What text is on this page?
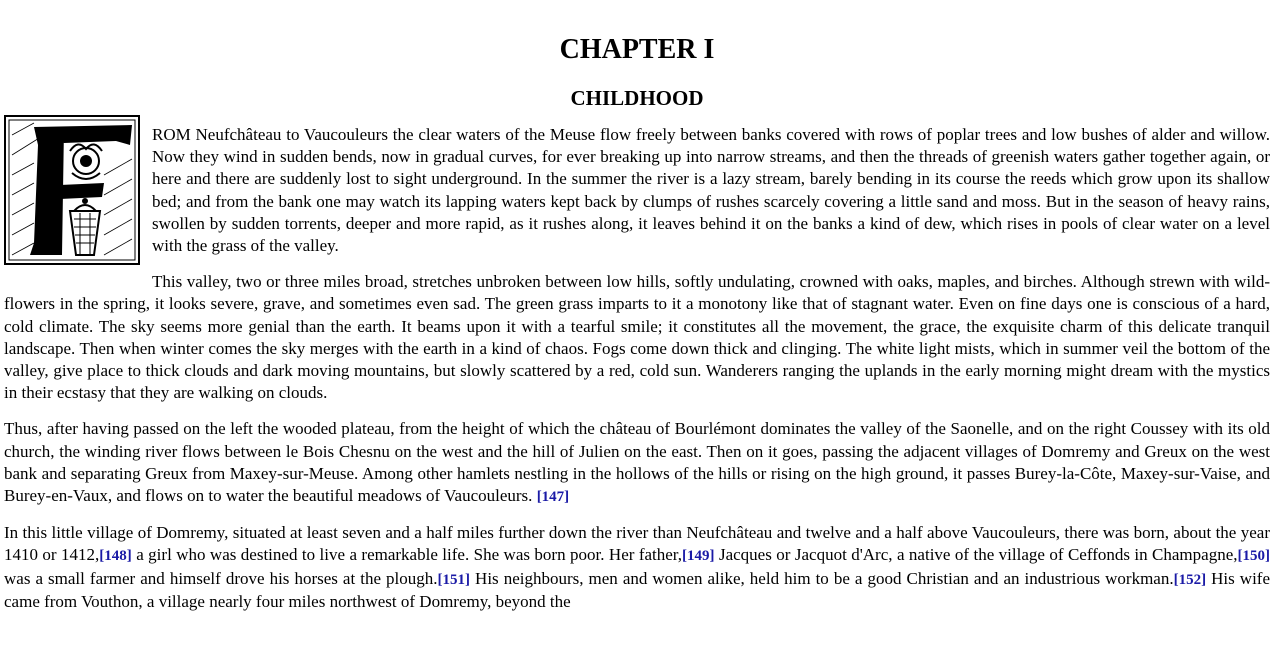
CHAPTER I
CHILDHOOD

ROM Neufchâteau to Vaucouleurs the clear waters of the Meuse flow freely between banks covered with rows of poplar trees and low bushes of alder and willow. Now they wind in sudden bends, now in gradual curves, for ever breaking up into narrow streams, and then the threads of greenish waters gather together again, or here and there are suddenly lost to sight underground. In the summer the river is a lazy stream, barely bending in its course the reeds which grow upon its shallow bed; and from the bank one may watch its lapping waters kept back by clumps of rushes scarcely covering a little sand and moss. But in the season of heavy rains, swollen by sudden torrents, deeper and more rapid, as it rushes along, it leaves behind it on the banks a kind of dew, which rises in pools of clear water on a level with the grass of the valley.

This valley, two or three miles broad, stretches unbroken between low hills, softly undulating, crowned with oaks, maples, and birches. Although strewn with wild-flowers in the spring, it looks severe, grave, and sometimes even sad. The green grass imparts to it a monotony like that of stagnant water. Even on fine days one is conscious of a hard, cold climate. The sky seems more genial than the earth. It beams upon it with a tearful smile; it constitutes all the movement, the grace, the exquisite charm of this delicate tranquil landscape. Then when winter comes the sky merges with the earth in a kind of chaos. Fogs come down thick and clinging. The white light mists, which in summer veil the bottom of the valley, give place to thick clouds and dark moving mountains, but slowly scattered by a red, cold sun. Wanderers ranging the uplands in the early morning might dream with the mystics in their ecstasy that they are walking on clouds.

Thus, after having passed on the left the wooded plateau, from the height of which the château of Bourlémont dominates the valley of the Saonelle, and on the right Coussey with its old church, the winding river flows between le Bois Chesnu on the west and the hill of Julien on the east. Then on it goes, passing the adjacent villages of Domremy and Greux on the west bank and separating Greux from Maxey-sur-Meuse. Among other hamlets nestling in the hollows of the hills or rising on the high ground, it passes Burey-la-Côte, Maxey-sur-Vaise, and Burey-en-Vaux, and flows on to water the beautiful meadows of Vaucouleurs. [147]

In this little village of Domremy, situated at least seven and a half miles further down the river than Neufchâteau and twelve and a half above Vaucouleurs, there was born, about the year 1410 or 1412,[148] a girl who was destined to live a remarkable life. She was born poor. Her father,[149] Jacques or Jacquot d'Arc, a native of the village of Ceffonds in Champagne,[150] was a small farmer and himself drove his horses at the plough.[151] His neighbours, men and women alike, held him to be a good Christian and an industrious workman.[152] His wife came from Vouthon, a village nearly four miles northwest of Domremy, beyond the
